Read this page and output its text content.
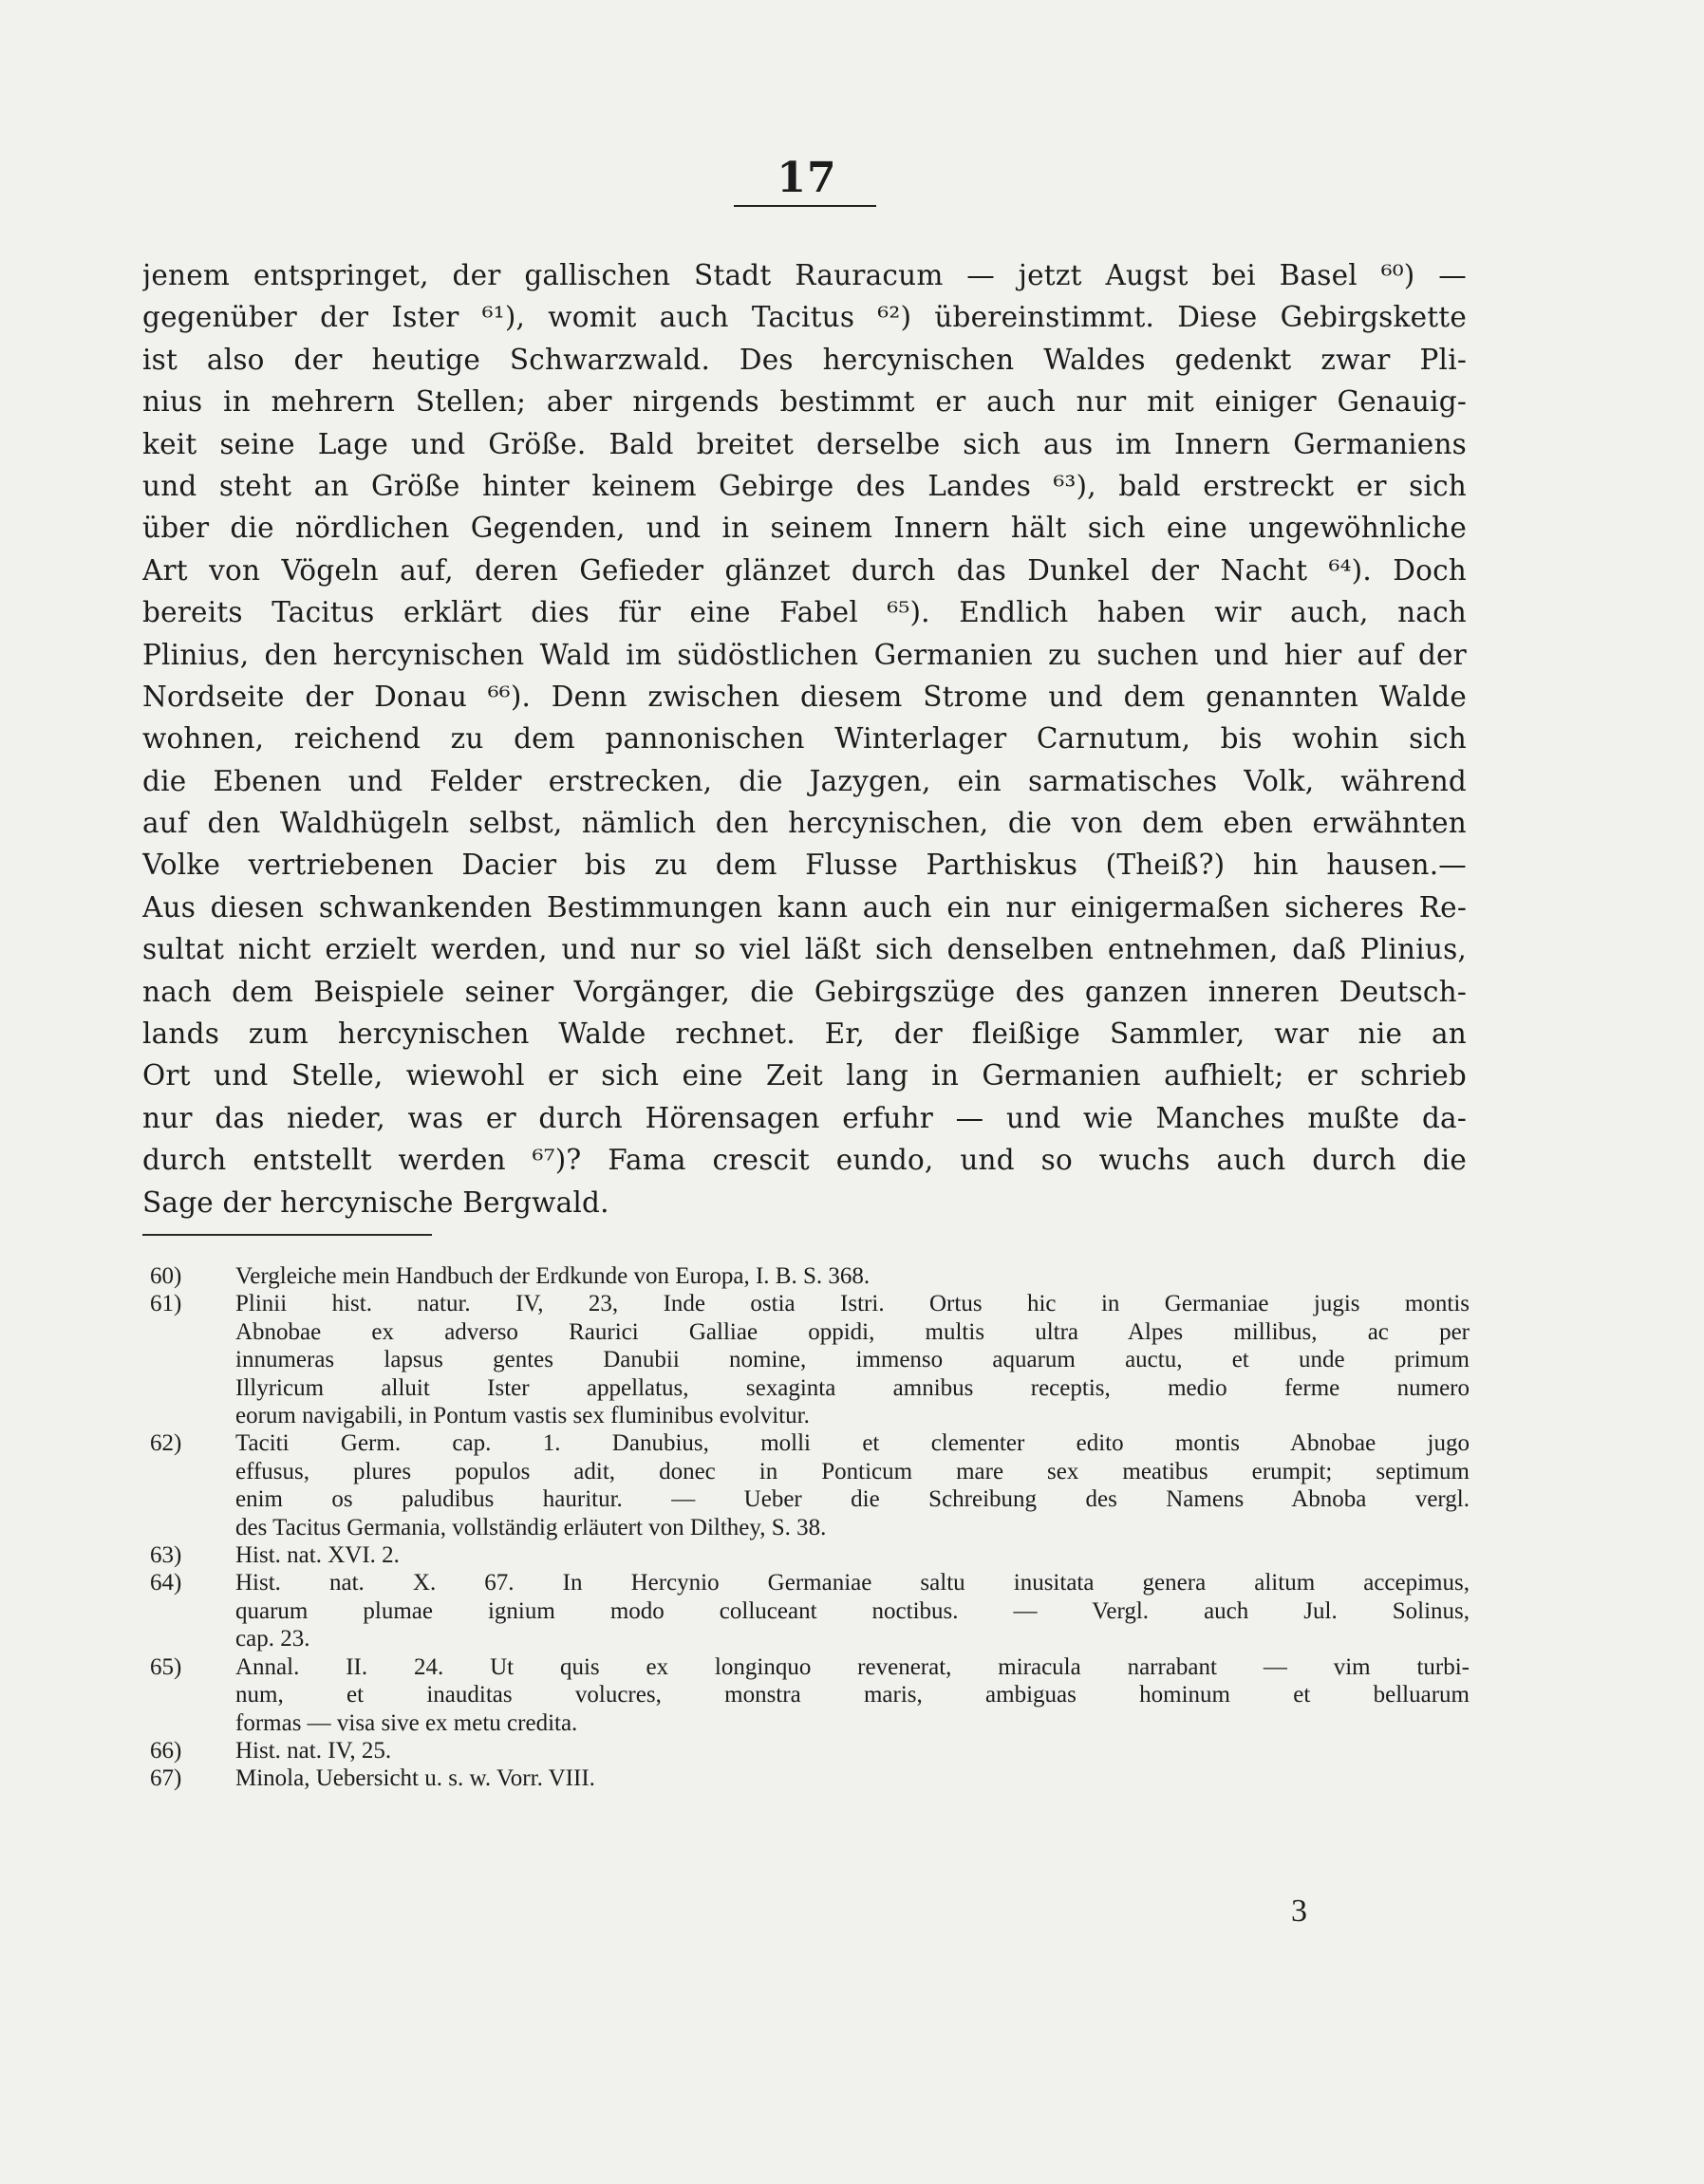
17
jenem entspringet, der gallischen Stadt Rauracum — jetzt Augst bei Basel ⁶⁰) —
gegenüber der Ister ⁶¹), womit auch Tacitus ⁶²) übereinstimmt. Diese Gebirgskette
ist also der heutige Schwarzwald. Des hercynischen Waldes gedenkt zwar Pli-
nius in mehrern Stellen; aber nirgends bestimmt er auch nur mit einiger Genauig-
keit seine Lage und Größe. Bald breitet derselbe sich aus im Innern Germaniens
und steht an Größe hinter keinem Gebirge des Landes ⁶³), bald erstreckt er sich
über die nördlichen Gegenden, und in seinem Innern hält sich eine ungewöhnliche
Art von Vögeln auf, deren Gefieder glänzet durch das Dunkel der Nacht ⁶⁴). Doch
bereits Tacitus erklärt dies für eine Fabel ⁶⁵). Endlich haben wir auch, nach
Plinius, den hercynischen Wald im südöstlichen Germanien zu suchen und hier auf der
Nordseite der Donau ⁶⁶). Denn zwischen diesem Strome und dem genannten Walde
wohnen, reichend zu dem pannonischen Winterlager Carnutum, bis wohin sich
die Ebenen und Felder erstrecken, die Jazygen, ein sarmatisches Volk, während
auf den Waldhügeln selbst, nämlich den hercynischen, die von dem eben erwähnten
Volke vertriebenen Dacier bis zu dem Flusse Parthiskus (Theiß?) hin hausen.—
Aus diesen schwankenden Bestimmungen kann auch ein nur einigermaßen sicheres Re-
sultat nicht erzielt werden, und nur so viel läßt sich denselben entnehmen, daß Plinius,
nach dem Beispiele seiner Vorgänger, die Gebirgszüge des ganzen inneren Deutsch-
lands zum hercynischen Walde rechnet. Er, der fleißige Sammler, war nie an
Ort und Stelle, wiewohl er sich eine Zeit lang in Germanien aufhielt; er schrieb
nur das nieder, was er durch Hörensagen erfuhr — und wie Manches mußte da-
durch entstellt werden ⁶⁷)? Fama crescit eundo, und so wuchs auch durch die
Sage der hercynische Bergwald.
60)	Vergleiche mein Handbuch der Erdkunde von Europa, I. B. S. 368.
61)	Plinii hist. natur. IV, 23, Inde ostia Istri. Ortus hic in Germaniae jugis montis
Abnobae ex adverso Raurici Galliae oppidi, multis ultra Alpes millibus, ac per
innumeras lapsus gentes Danubii nomine, immenso aquarum auctu, et unde primum
Illyricum alluit Ister appellatus, sexaginta amnibus receptis, medio ferme numero
eorum navigabili, in Pontum vastis sex fluminibus evolvitur.
62)	Taciti Germ. cap. 1. Danubius, molli et clementer edito montis Abnobae jugo
effusus, plures populos adit, donec in Ponticum mare sex meatibus erumpit; septimum
enim os paludibus hauritur. — Ueber die Schreibung des Namens Abnoba vergl.
des Tacitus Germania, vollständig erläutert von Dilthey, S. 38.
63)	Hist. nat. XVI. 2.
64)	Hist. nat. X. 67. In Hercynio Germaniae saltu inusitata genera alitum accepimus,
quarum plumae ignium modo colluceant noctibus. — Vergl. auch Jul. Solinus,
cap. 23.
65)	Annal. II. 24. Ut quis ex longinquo revenerat, miracula narrabant — vim turbi-
num, et inauditas volucres, monstra maris, ambiguas hominum et belluarum
formas — visa sive ex metu credita.
66)	Hist. nat. IV, 25.
67)	Minola, Uebersicht u. s. w. Vorr. VIII.
3
